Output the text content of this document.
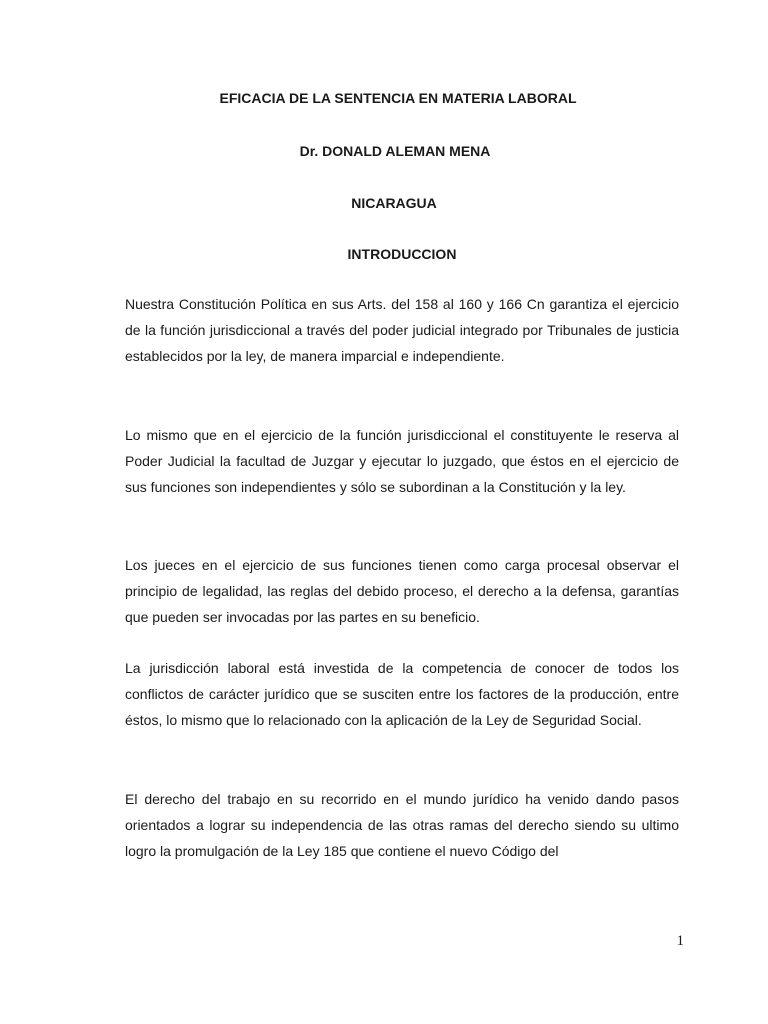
EFICACIA DE LA SENTENCIA EN MATERIA LABORAL
Dr. DONALD ALEMAN MENA
NICARAGUA
INTRODUCCION

Nuestra Constitución Política en sus Arts. del 158 al 160 y 166 Cn garantiza el ejercicio de la función jurisdiccional a través del poder judicial integrado por Tribunales de justicia establecidos por la ley, de manera imparcial e independiente.

Lo mismo que en el ejercicio de la función jurisdiccional el constituyente le reserva al Poder Judicial la facultad de Juzgar y ejecutar lo juzgado, que éstos en el ejercicio de sus funciones son independientes y sólo se subordinan a la Constitución y la ley.

Los jueces en el ejercicio de sus funciones tienen como carga procesal observar el principio de legalidad, las reglas del debido proceso, el derecho a la defensa, garantías que pueden ser invocadas por las partes en su beneficio.

La jurisdicción laboral está investida de la competencia de conocer de todos los conflictos de carácter jurídico que se susciten entre los factores de la producción, entre éstos, lo mismo que lo relacionado con la aplicación de la Ley de Seguridad Social.

El derecho del trabajo en su recorrido en el mundo jurídico ha venido dando pasos orientados a lograr su independencia de las otras ramas del derecho siendo su ultimo logro la promulgación de la Ley 185 que contiene el nuevo Código del

1
